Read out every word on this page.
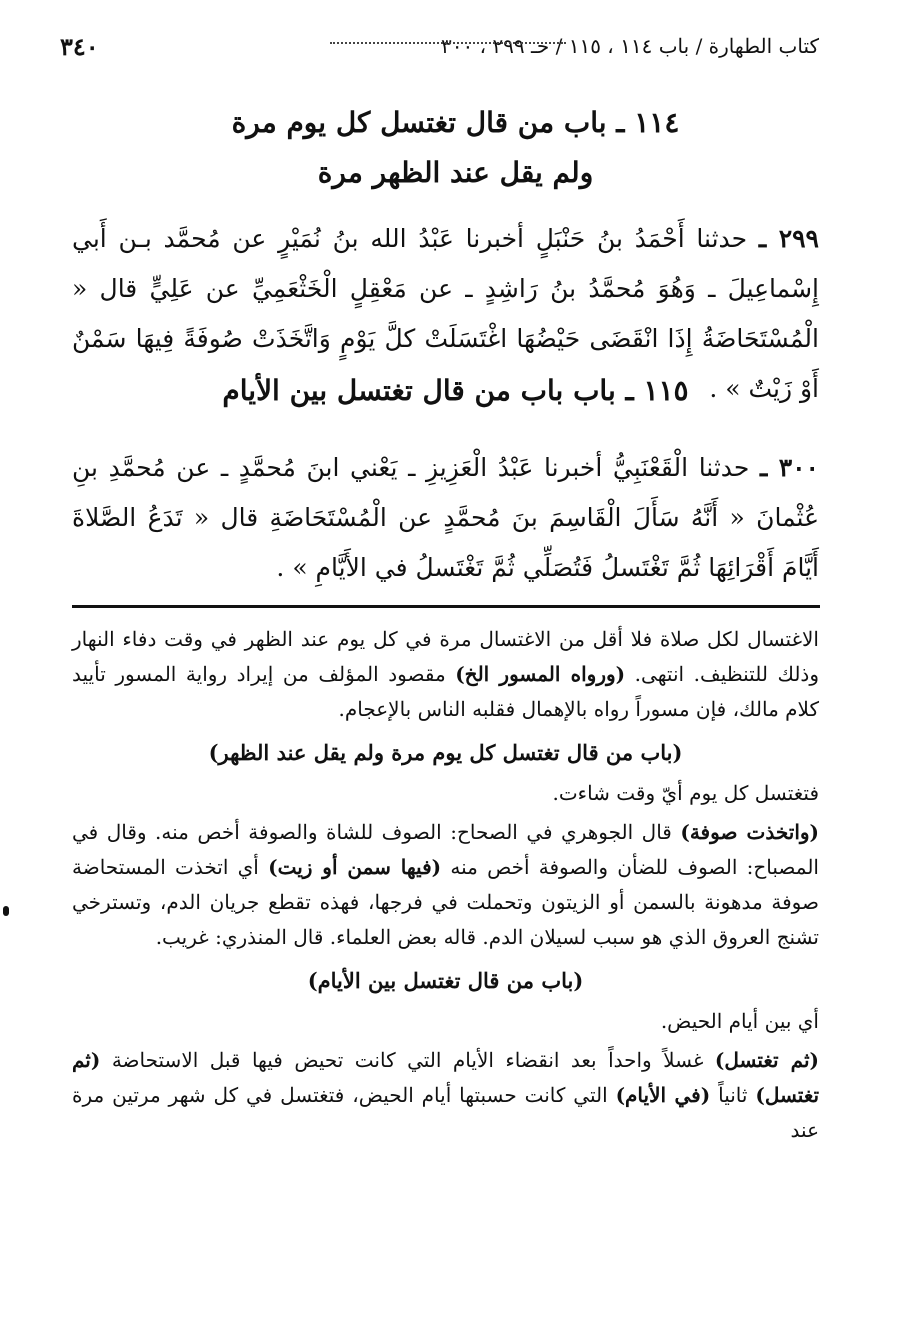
٣٤٠	كتاب الطهارة / باب ١١٤ ، ١١٥ / حـ ٢٩٩ ، ٣٠٠
١١٤ ـ باب من قال تغتسل كل يوم مرة
ولم يقل عند الظهر مرة
٢٩٩ ـ حدثنا أَحْمَدُ بنُ حَنْبَلٍ أخبرنا عَبْدُ الله بنُ نُمَيْرٍ عن مُحمَّد بـن أَبي إِسْماعِيلَ ـ وَهُوَ مُحمَّدُ بنُ رَاشِدٍ ـ عن مَعْقِلٍ الْخَثْعَمِيِّ عن عَلِيٍّ قال « الْمُسْتَحَاضَةُ إِذَا انْقَضَى حَيْضُهَا اغْتَسَلَتْ كلَّ يَوْمٍ وَاتَّخَذَتْ صُوفَةً فِيهَا سَمْنٌ أَوْ زَيْتٌ » .
١١٥ ـ باب باب من قال تغتسل بين الأيام
٣٠٠ ـ حدثنا الْقَعْنَبِيُّ أخبرنا عَبْدُ الْعَزِيزِ ـ يَعْني ابنَ مُحمَّدٍ ـ عن مُحمَّدِ بنِ عُثْمانَ « أَنَّهُ سَأَلَ الْقَاسِمَ بنَ مُحمَّدٍ عن الْمُسْتَحَاضَةِ قال « تَدَعُ الصَّلاةَ أَيَّامَ أَقْرَائِهَا ثُمَّ تَغْتَسلُ فَتُصَلِّي ثُمَّ تَغْتَسلُ في الأَيَّامِ » .

الاغتسال لكل صلاة فلا أقل من الاغتسال مرة في كل يوم عند الظهر في وقت دفاء النهار وذلك للتنظيف. انتهى. (ورواه المسور الخ) مقصود المؤلف من إيراد رواية المسور تأييد كلام مالك، فإن مسوراً رواه بالإهمال فقلبه الناس بالإعجام.

(باب من قال تغتسل كل يوم مرة ولم يقل عند الظهر)

فتغتسل كل يوم أيّ وقت شاءت.

(واتخذت صوفة) قال الجوهري في الصحاح: الصوف للشاة والصوفة أخص منه. وقال في المصباح: الصوف للضأن والصوفة أخص منه (فيها سمن أو زيت) أي اتخذت المستحاضة صوفة مدهونة بالسمن أو الزيتون وتحملت في فرجها، فهذه تقطع جريان الدم، وتسترخي تشنج العروق الذي هو سبب لسيلان الدم. قاله بعض العلماء. قال المنذري: غريب.

(باب من قال تغتسل بين الأيام)

أي بين أيام الحيض.

(ثم تغتسل) غسلاً واحداً بعد انقضاء الأيام التي كانت تحيض فيها قبل الاستحاضة (ثم تغتسل) ثانياً (في الأيام) التي كانت حسبتها أيام الحيض، فتغتسل في كل شهر مرتين مرة عند
